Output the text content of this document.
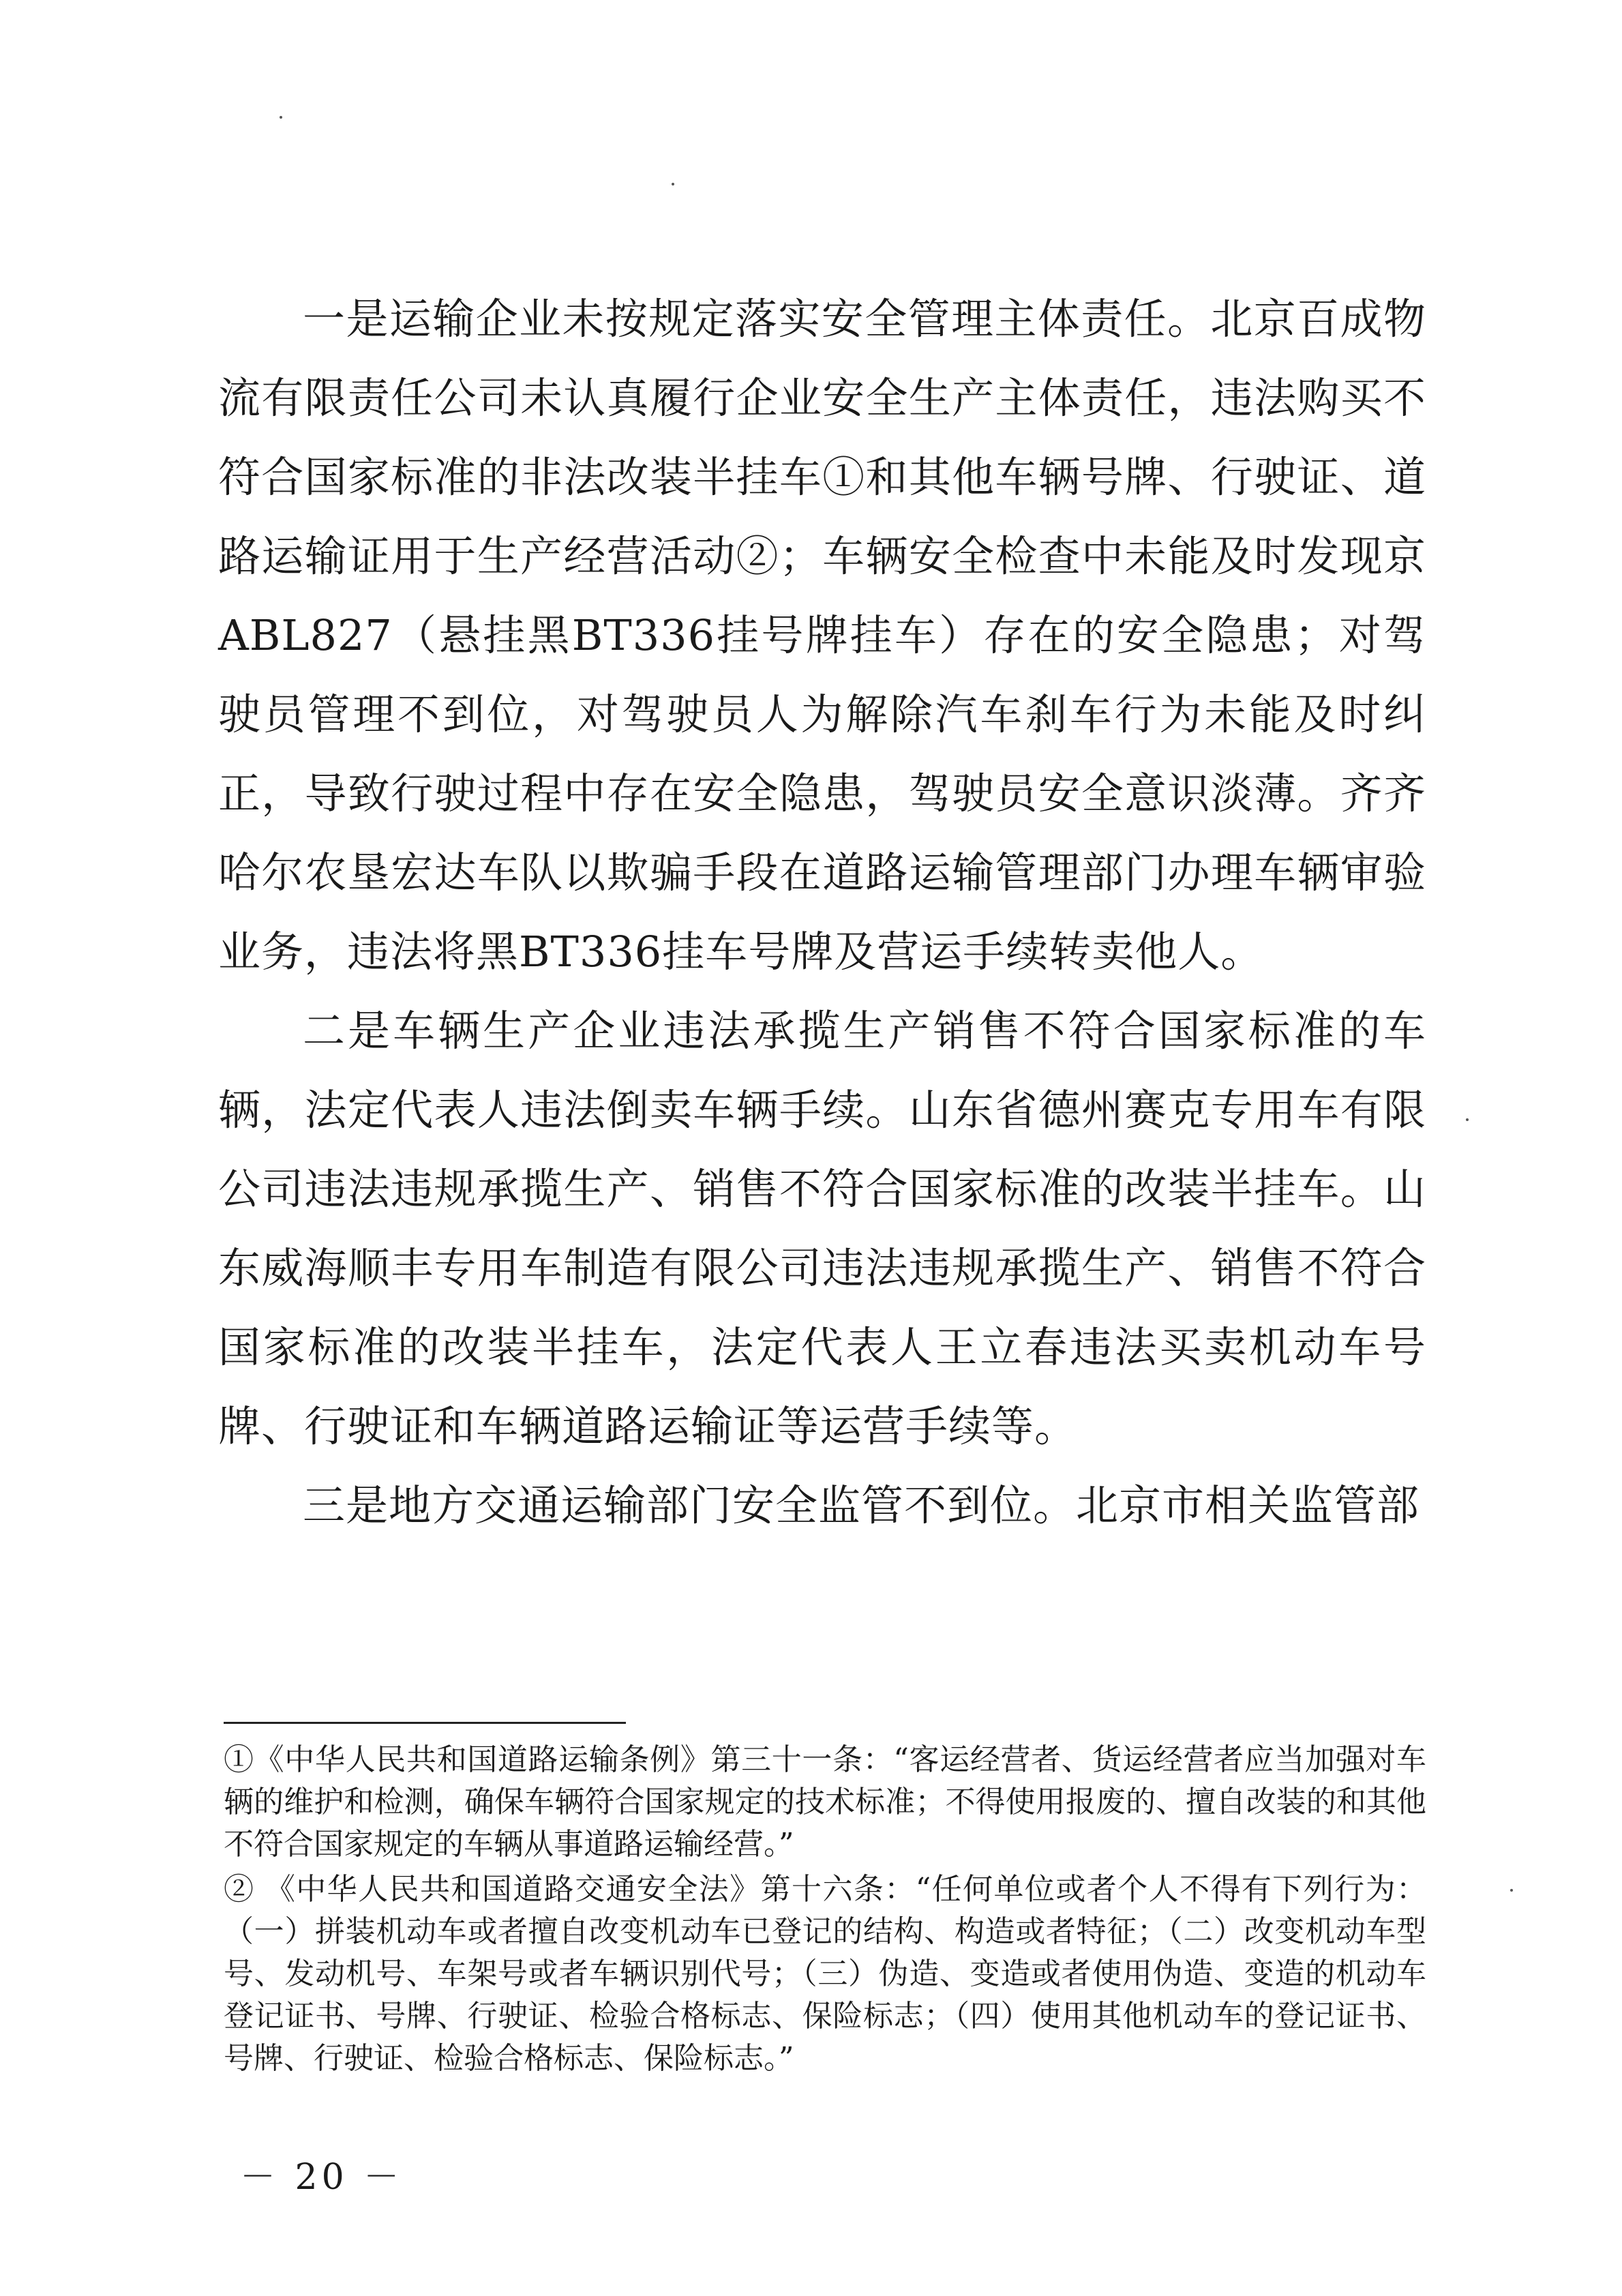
一是运输企业未按规定落实安全管理主体责任。北京百成物流有限责任公司未认真履行企业安全生产主体责任，违法购买不符合国家标准的非法改装半挂车①和其他车辆号牌、行驶证、道路运输证用于生产经营活动②；车辆安全检查中未能及时发现京ABL827（悬挂黑BT336挂号牌挂车）存在的安全隐患；对驾驶员管理不到位，对驾驶员人为解除汽车刹车行为未能及时纠正，导致行驶过程中存在安全隐患，驾驶员安全意识淡薄。齐齐哈尔农垦宏达车队以欺骗手段在道路运输管理部门办理车辆审验业务，违法将黑BT336挂车号牌及营运手续转卖他人。

二是车辆生产企业违法承揽生产销售不符合国家标准的车辆，法定代表人违法倒卖车辆手续。山东省德州赛克专用车有限公司违法违规承揽生产、销售不符合国家标准的改装半挂车。山东威海顺丰专用车制造有限公司违法违规承揽生产、销售不符合国家标准的改装半挂车，法定代表人王立春违法买卖机动车号牌、行驶证和车辆道路运输证等运营手续等。

三是地方交通运输部门安全监管不到位。北京市相关监管部

①《中华人民共和国道路运输条例》第三十一条：“客运经营者、货运经营者应当加强对车辆的维护和检测，确保车辆符合国家规定的技术标准；不得使用报废的、擅自改装的和其他不符合国家规定的车辆从事道路运输经营。”

② 《中华人民共和国道路交通安全法》第十六条：“任何单位或者个人不得有下列行为：（一）拼装机动车或者擅自改变机动车已登记的结构、构造或者特征；（二）改变机动车型号、发动机号、车架号或者车辆识别代号；（三）伪造、变造或者使用伪造、变造的机动车登记证书、号牌、行驶证、检验合格标志、保险标志；（四）使用其他机动车的登记证书、号牌、行驶证、检验合格标志、保险标志。”

－ 20 －
